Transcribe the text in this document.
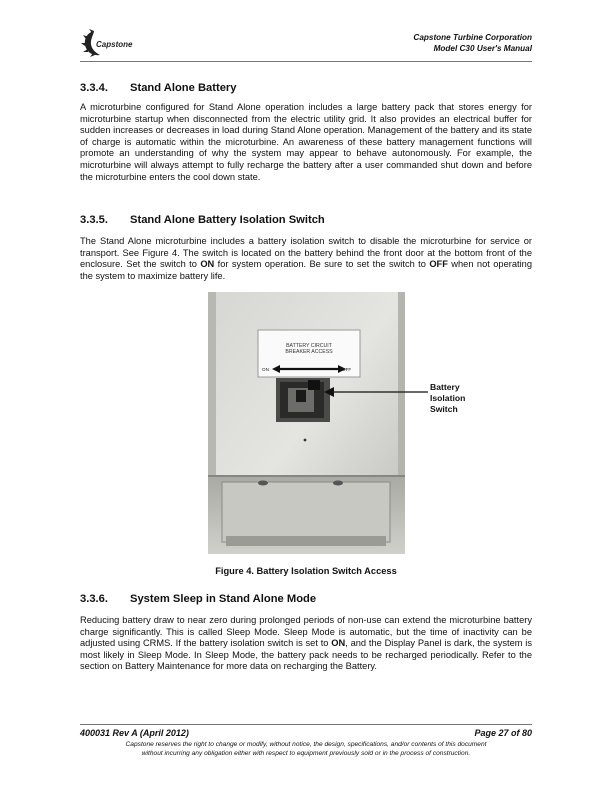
Capstone
Capstone Turbine Corporation
Model C30 User's Manual
3.3.4. Stand Alone Battery

A microturbine configured for Stand Alone operation includes a large battery pack that stores energy for microturbine startup when disconnected from the electric utility grid. It also provides an electrical buffer for sudden increases or decreases in load during Stand Alone operation. Management of the battery and its state of charge is automatic within the microturbine. An awareness of these battery management functions will promote an understanding of why the system may appear to behave autonomously. For example, the microturbine will always attempt to fully recharge the battery after a user commanded shut down and before the microturbine enters the cool down state.

3.3.5. Stand Alone Battery Isolation Switch

The Stand Alone microturbine includes a battery isolation switch to disable the microturbine for service or transport. See Figure 4. The switch is located on the battery behind the front door at the bottom front of the enclosure. Set the switch to ON for system operation. Be sure to set the switch to OFF when not operating the system to maximize battery life.

BATTERY CIRCUIT
BREAKER ACCESS
ON	OFF
Battery
Isolation
Switch
Figure 4. Battery Isolation Switch Access
3.3.6. System Sleep in Stand Alone Mode

Reducing battery draw to near zero during prolonged periods of non-use can extend the microturbine battery charge significantly. This is called Sleep Mode. Sleep Mode is automatic, but the time of inactivity can be adjusted using CRMS. If the battery isolation switch is set to ON, and the Display Panel is dark, the system is most likely in Sleep Mode. In Sleep Mode, the battery pack needs to be recharged periodically. Refer to the section on Battery Maintenance for more data on recharging the Battery.

400031 Rev A (April 2012)	Page 27 of 80
Capstone reserves the right to change or modify, without notice, the design, specifications, and/or contents of this document
without incurring any obligation either with respect to equipment previously sold or in the process of construction.
